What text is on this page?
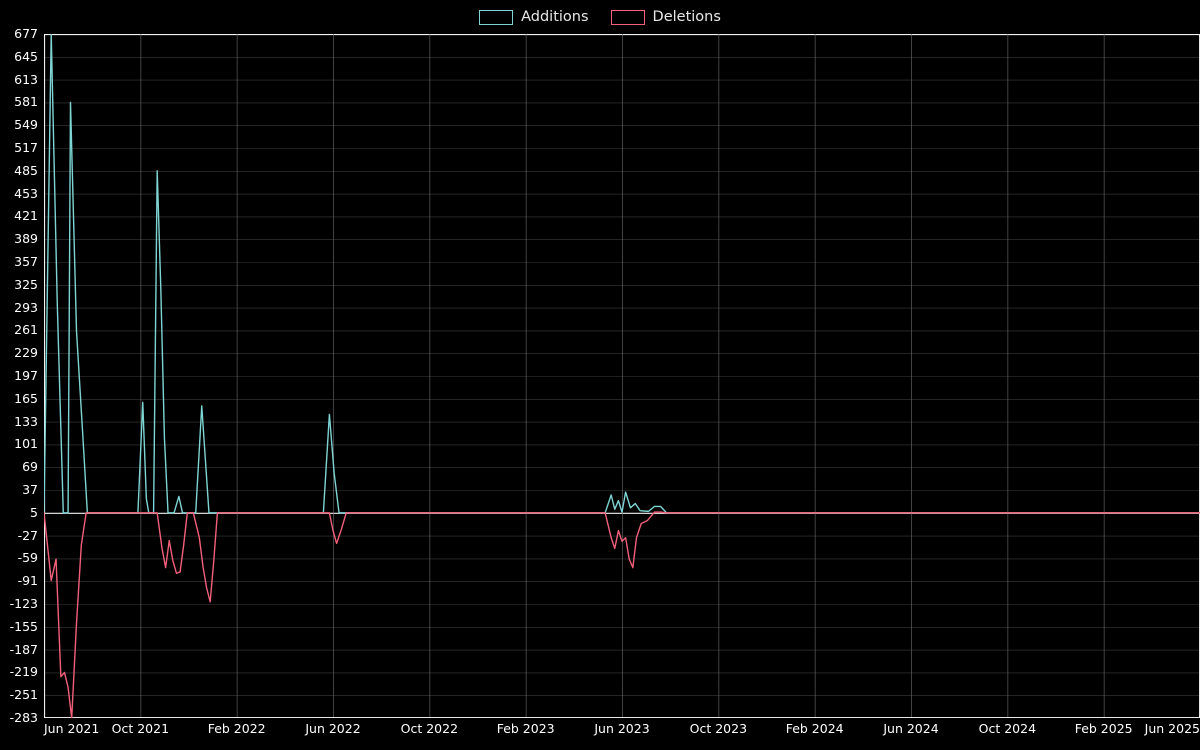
Additions	Deletions
677
645
613
581
549
517
485
453
421
389
357
325
293
261
229
197
165
133
101
69
37
5
-27
-59
-91
-123
-155
-187
-219
-251
-283
Jun 2021 Oct 2021	Feb 2022	Jun 2022	Oct 2022	Feb 2023	Jun 2023	Oct 2023	Feb 2024	Jun 2024	Oct 2024	Feb 2025 Jun 2025
